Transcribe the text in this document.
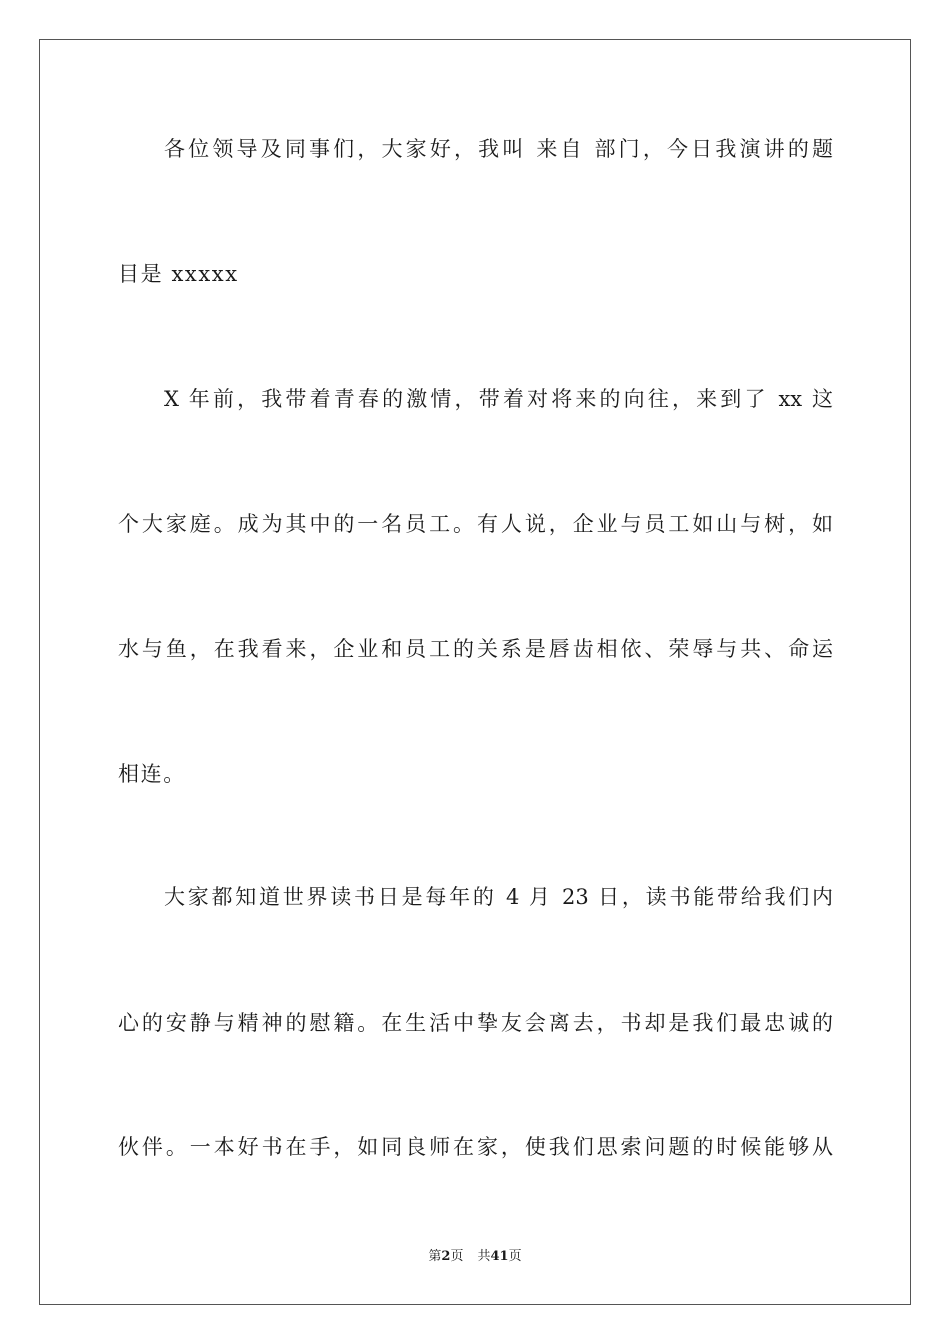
各位领导及同事们，大家好，我叫 来自 部门，今日我演讲的题
目是 xxxxx
X 年前，我带着青春的激情，带着对将来的向往，来到了 xx 这
个大家庭。成为其中的一名员工。有人说，企业与员工如山与树，如
水与鱼，在我看来，企业和员工的关系是唇齿相依、荣辱与共、命运
相连。
大家都知道世界读书日是每年的 4 月 23 日，读书能带给我们内
心的安静与精神的慰籍。在生活中挚友会离去，书却是我们最忠诚的
伙伴。一本好书在手，如同良师在家，使我们思索问题的时候能够从
第2页 共41页
